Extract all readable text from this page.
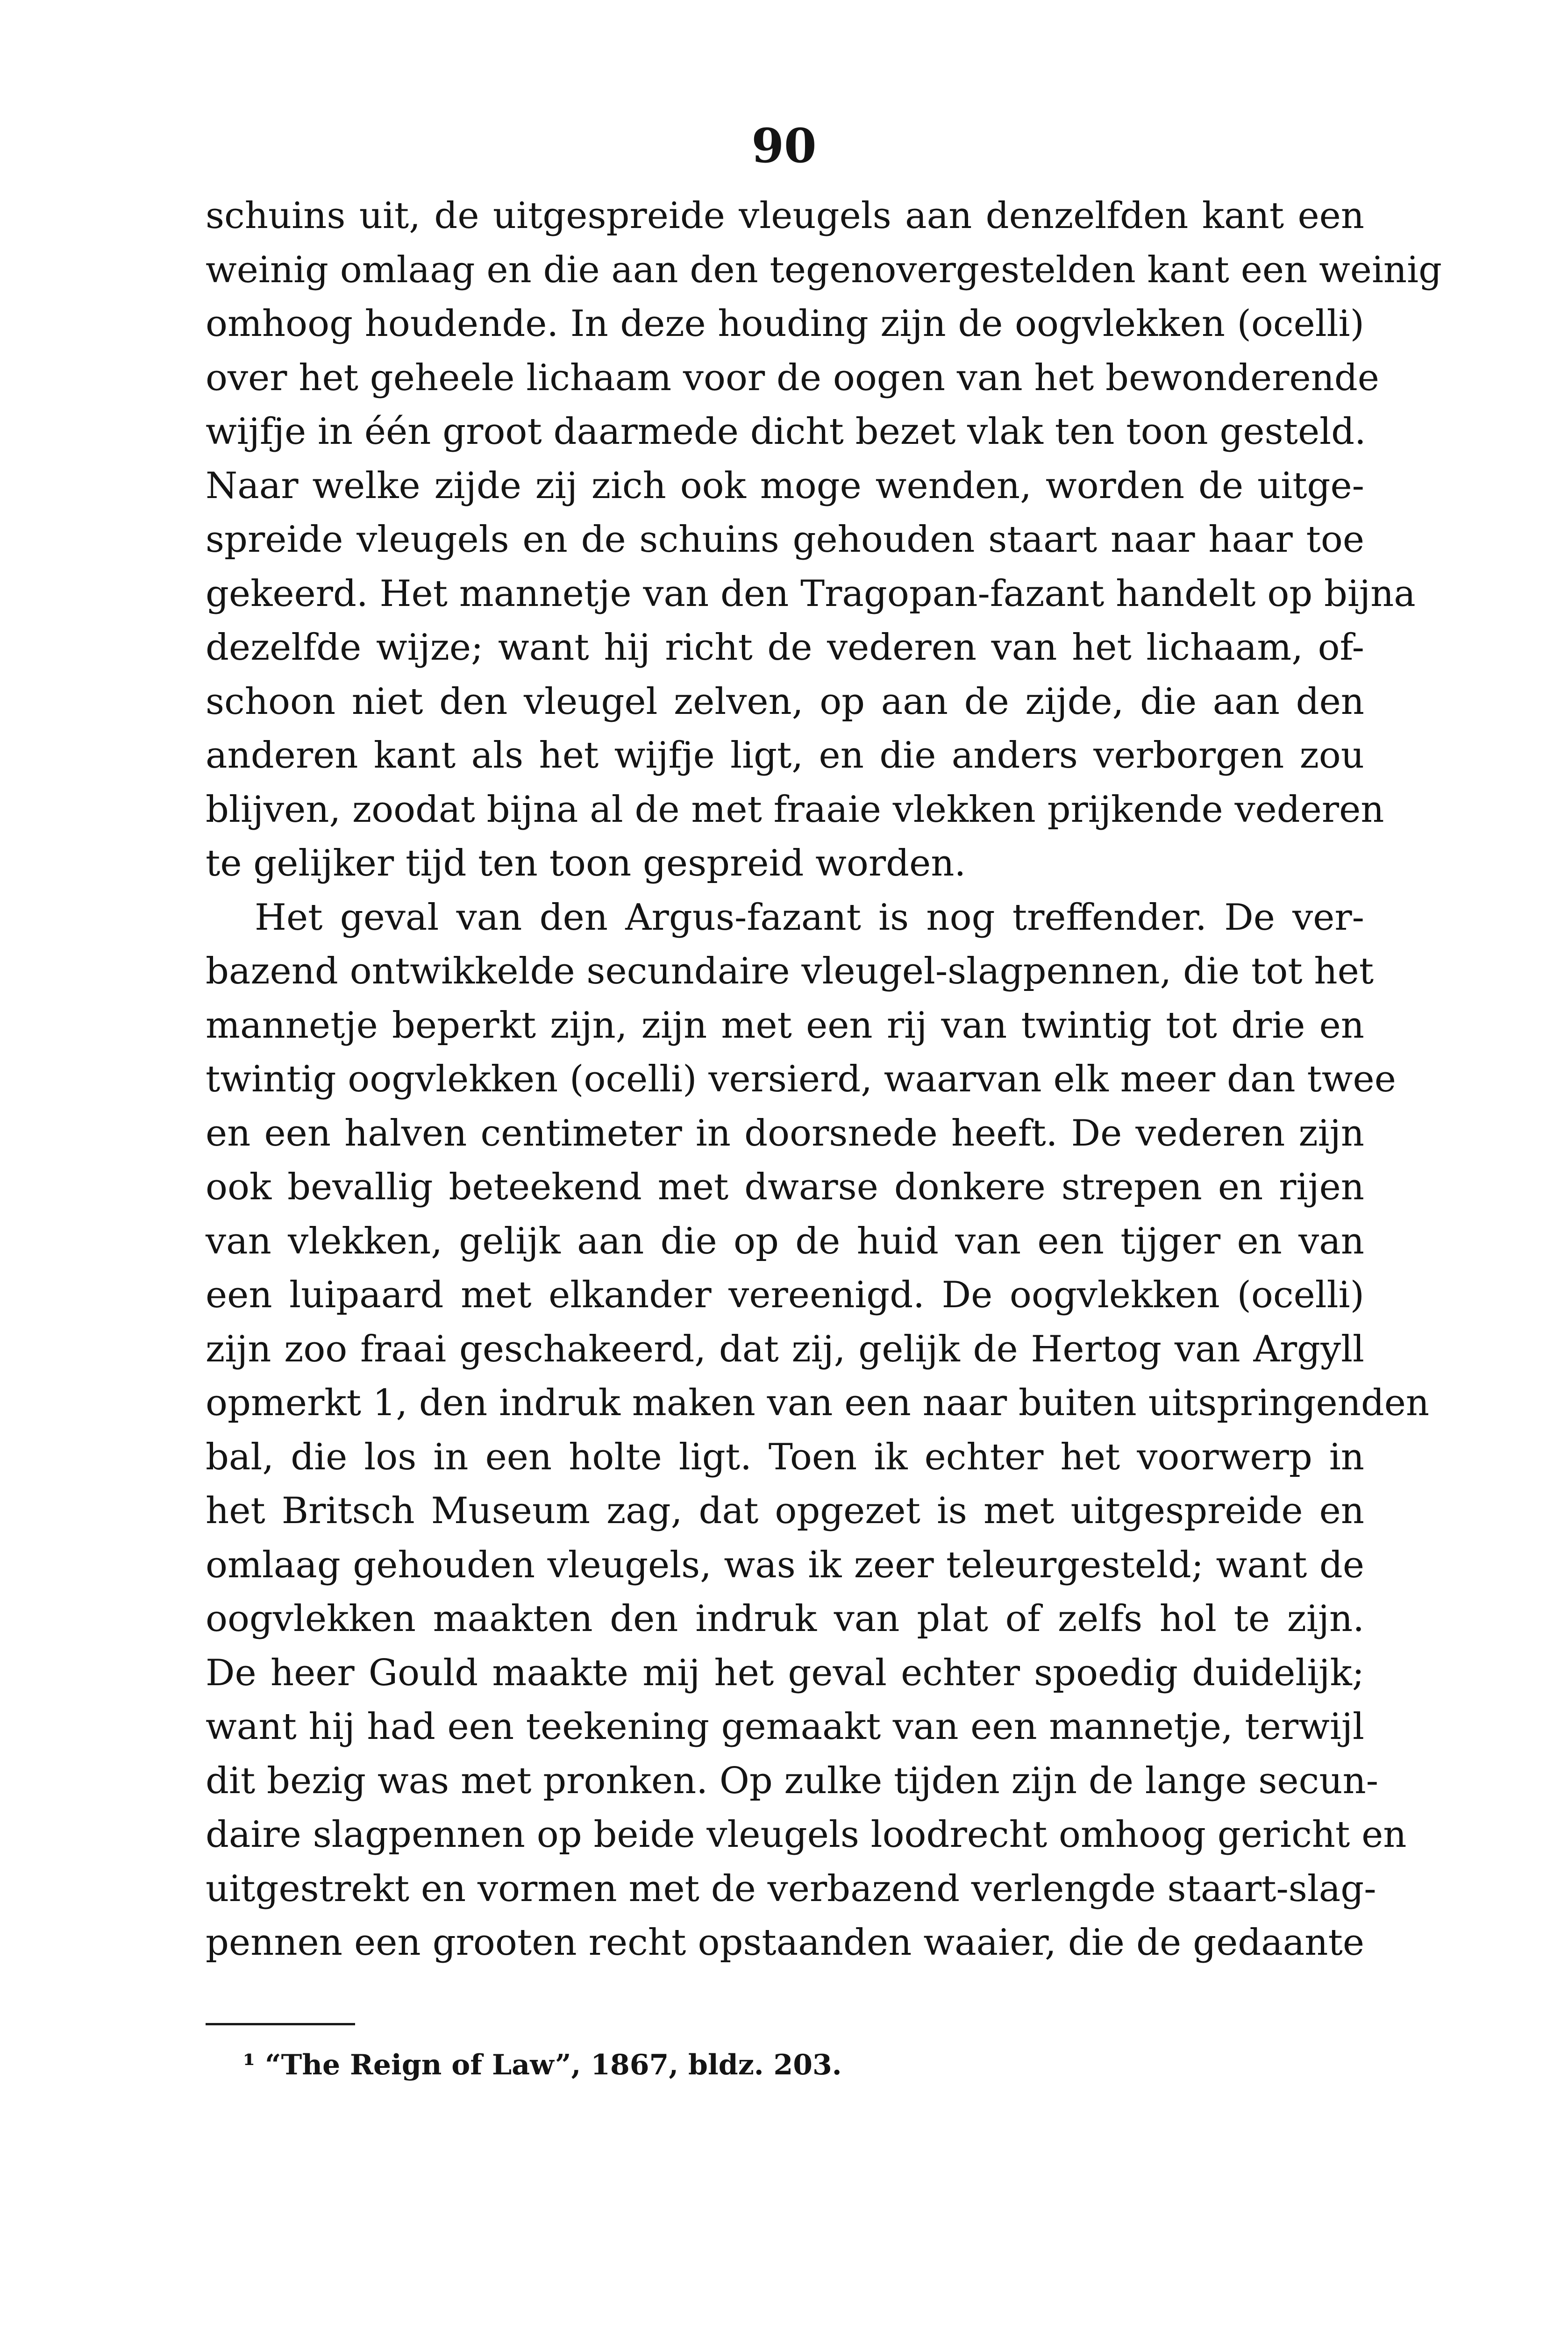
90
schuins uit, de uitgespreide vleugels aan denzelfden kant een
weinig omlaag en die aan den tegenovergestelden kant een weinig
omhoog houdende. In deze houding zijn de oogvlekken (ocelli)
over het geheele lichaam voor de oogen van het bewonderende
wijfje in één groot daarmede dicht bezet vlak ten toon gesteld.
Naar welke zijde zij zich ook moge wenden, worden de uitge-
spreide vleugels en de schuins gehouden staart naar haar toe
gekeerd. Het mannetje van den Tragopan-fazant handelt op bijna
dezelfde wijze; want hij richt de vederen van het lichaam, of-
schoon niet den vleugel zelven, op aan de zijde, die aan den
anderen kant als het wijfje ligt, en die anders verborgen zou
blijven, zoodat bijna al de met fraaie vlekken prijkende vederen
te gelijker tijd ten toon gespreid worden.
Het geval van den Argus-fazant is nog treffender. De ver-
bazend ontwikkelde secundaire vleugel-slagpennen, die tot het
mannetje beperkt zijn, zijn met een rij van twintig tot drie en
twintig oogvlekken (ocelli) versierd, waarvan elk meer dan twee
en een halven centimeter in doorsnede heeft. De vederen zijn
ook bevallig beteekend met dwarse donkere strepen en rijen
van vlekken, gelijk aan die op de huid van een tijger en van
een luipaard met elkander vereenigd. De oogvlekken (ocelli)
zijn zoo fraai geschakeerd, dat zij, gelijk de Hertog van Argyll
opmerkt 1, den indruk maken van een naar buiten uitspringenden
bal, die los in een holte ligt. Toen ik echter het voorwerp in
het Britsch Museum zag, dat opgezet is met uitgespreide en
omlaag gehouden vleugels, was ik zeer teleurgesteld; want de
oogvlekken maakten den indruk van plat of zelfs hol te zijn.
De heer Gould maakte mij het geval echter spoedig duidelijk;
want hij had een teekening gemaakt van een mannetje, terwijl
dit bezig was met pronken. Op zulke tijden zijn de lange secun-
daire slagpennen op beide vleugels loodrecht omhoog gericht en
uitgestrekt en vormen met de verbazend verlengde staart-slag-
pennen een grooten recht opstaanden waaier, die de gedaante
¹ “The Reign of Law”, 1867, bldz. 203.
